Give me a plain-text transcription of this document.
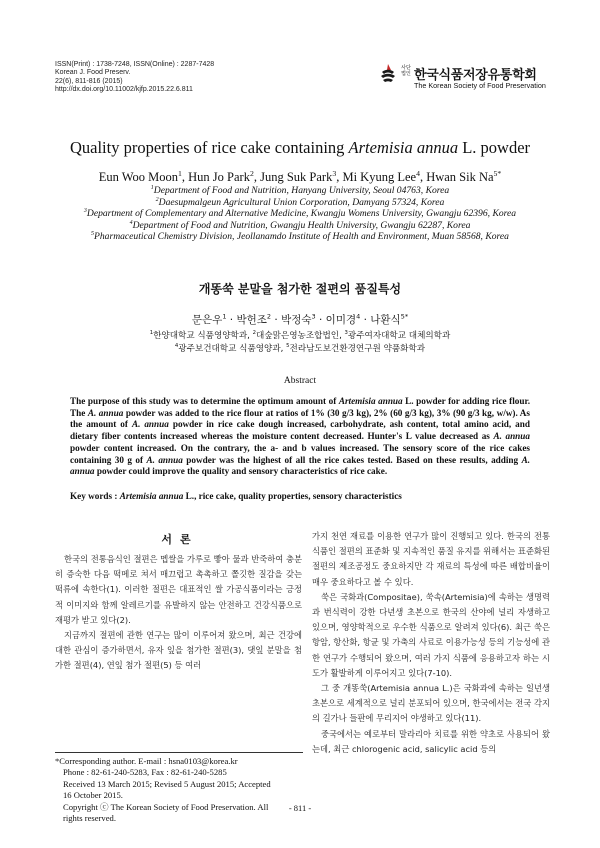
ISSN(Print) : 1738-7248, ISSN(Online) : 2287-7428
Korean J. Food Preserv.
22(6), 811-816 (2015)
http://dx.doi.org/10.11002/kjfp.2015.22.6.811
사단
법인 한국식품저장유통학회
The Korean Society of Food Preservation
Quality properties of rice cake containing Artemisia annua L. powder
Eun Woo Moon$^1$, Hun Jo Park$^2$, Jung Suk Park$^3$, Mi Kyung Lee$^4$, Hwan Sik $Na^{5*}$
$^1$Department of Food and Nutrition, Hanyang University, Seoul 04763, Korea
$^2$Daesupmalgeun Agricultural Union Corporation, Damyang 57324, Korea
$^3$Department of Complementary and Alternative Medicine, Kwangju Womens University, Gwangju 62396, Korea
$^4$Department of Food and Nutrition, Gwangju Health University, Gwangju 62287, Korea
$^5$Pharmaceutical Chemistry Division, Jeollanamdo Institute of Health and Environment, Muan 58568, Korea
개똥쑥 분말을 첨가한 절편의 품질특성
문은우$^1$ · 박헌조$^2$ · 박정숙$^3$ · 이미경$^4$ · 나환식$^{5*}$
$^1$한양대학교 식품영양학과, $^2$대숲맑은영농조합법인, $^3$광주여자대학교 대체의학과
$^4$광주보건대학교 식품영양과, $^5$전라남도보건환경연구원 약품화학과
Abstract
The purpose of this study was to determine the optimum amount of Artemisia annua L. powder for adding rice flour. The A. annua powder was added to the rice flour at ratios of 1% (30 g/3 kg), 2% (60 g/3 kg), 3% (90 g/3 kg, w/w). As the amount of A. annua powder in rice cake dough increased, carbohydrate, ash content, total amino acid, and dietary fiber contents increased whereas the moisture content decreased. Hunter's L value decreased as A. annua powder content increased. On the contrary, the a- and b values increased. The sensory score of the rice cakes containing 30 g of A. annua powder was the highest of all the rice cakes tested. Based on these results, adding A. annua powder could improve the quality and sensory characteristics of rice cake.
Key words : Artemisia annua L., rice cake, quality properties, sensory characteristics
서론

한국의 전통음식인 절편은 멥쌀을 가루로 빻아 물과 반죽하여 충분히 증숙한 다음 떡메로 쳐서 매끄럽고 촉촉하고 쫄깃한 질감을 갖는 떡류에 속한다(1). 이러한 절편은 대표적인 쌀 가공식품이라는 긍정적 이미지와 함께 알레르기를 유발하지 않는 안전하고 건강식품으로 재평가 받고 있다(2).

지금까지 절편에 관한 연구는 많이 이루어져 왔으며, 최근 건강에 대한 관심이 증가하면서, 유자 잎을 첨가한 절편(3), 댓잎 분말을 첨가한 절편(4), 연잎 첨가 절편(5) 등 여러

가지 천연 재료를 이용한 연구가 많이 진행되고 있다. 한국의 전통식품인 절편의 표준화 및 지속적인 품질 유지를 위해서는 표준화된 절편의 제조공정도 중요하지만 각 재료의 특성에 따른 배합비율이 매우 중요하다고 볼 수 있다.

쑥은 국화과(Compositae), 쑥속(Artemisia)에 속하는 생명력과 번식력이 강한 다년생 초본으로 한국의 산야에 널리 자생하고 있으며, 영양학적으로 우수한 식품으로 알려져 있다(6). 최근 쑥은 항암, 항산화, 항균 및 가축의 사료로 이용가능성 등의 기능성에 관한 연구가 수행되어 왔으며, 여러 가지 식품에 응용하고자 하는 시도가 활발하게 이루어지고 있다(7-10).

그 중 개똥쑥(Artemisia annua L.)은 국화과에 속하는 일년생 초본으로 세계적으로 널리 분포되어 있으며, 한국에서는 전국 각지의 길가나 들판에 무리지어 야생하고 있다(11).

중국에서는 예로부터 말라리아 치료를 위한 약초로 사용되어 왔는데, 최근 chlorogenic acid, salicylic acid 등의

*Corresponding author. E-mail : hsna0103@korea.kr
Phone : 82-61-240-5283, Fax : 82-61-240-5285
Received 13 March 2015; Revised 5 August 2015; Accepted
16 October 2015.
Copyright ⓒ The Korean Society of Food Preservation. All
rights reserved.
- 811 -
